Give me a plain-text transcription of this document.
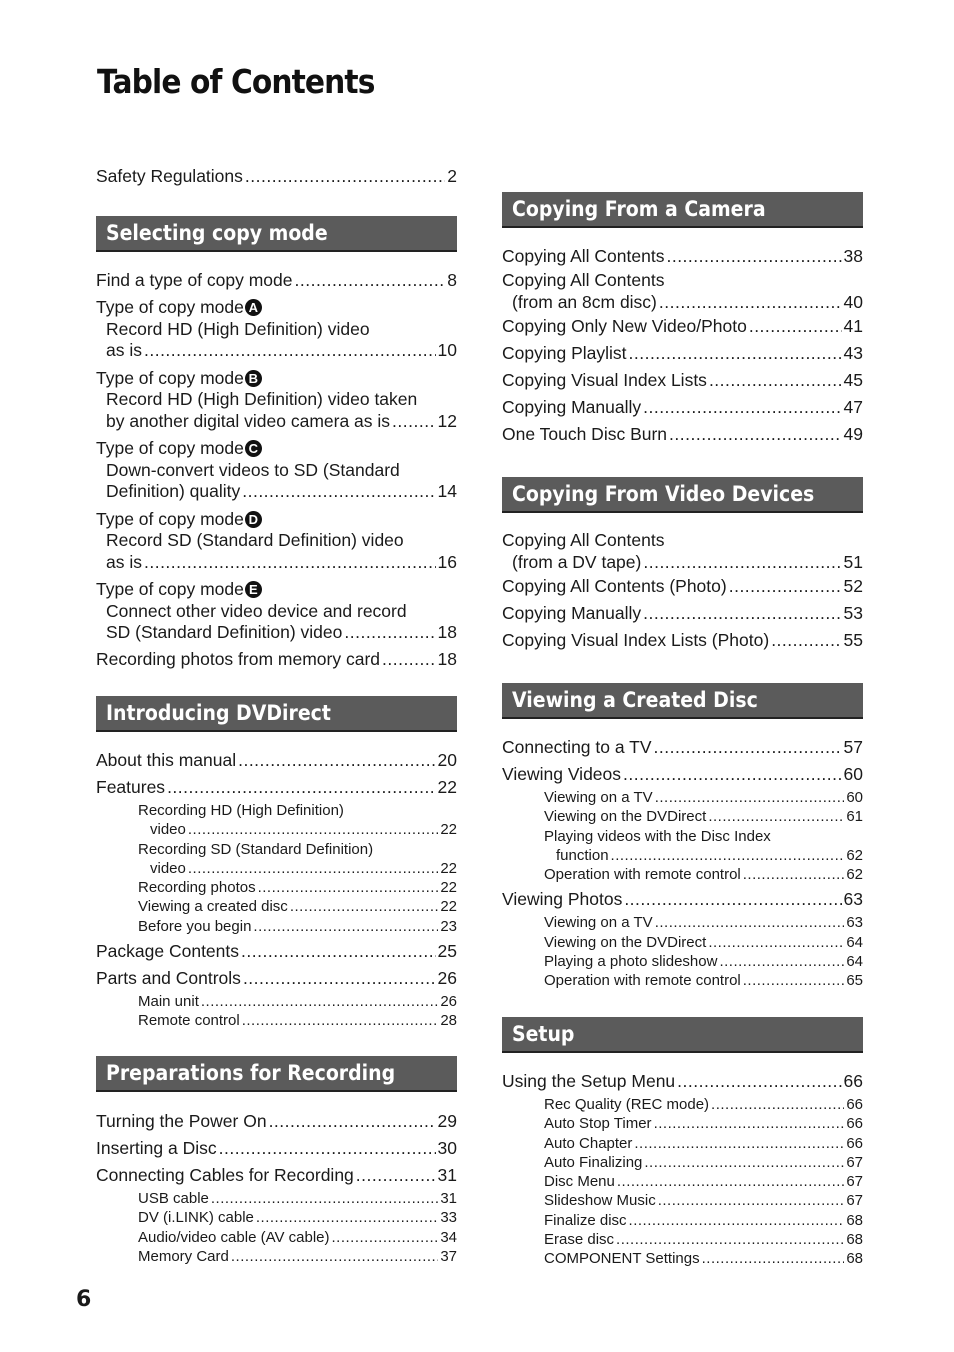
Table of Contents
Safety Regulations .....	2
Selecting copy mode
Find a type of copy mode .....	8
Type of copy mode A
Record HD (High Definition) video
as is .....	10
Type of copy mode B
Record HD (High Definition) video taken
by another digital video camera as is .....	12
Type of copy mode C
Down-convert videos to SD (Standard
Definition) quality .....	14
Type of copy mode D
Record SD (Standard Definition) video
as is .....	16
Type of copy mode E
Connect other video device and record
SD (Standard Definition) video .....	18
Recording photos from memory card .....	18
Introducing DVDirect
About this manual .....	20
Features .....	22
Recording HD (High Definition)
video .....	22
Recording SD (Standard Definition)
video .....	22
Recording photos .....	22
Viewing a created disc .....	22
Before you begin .....	23
Package Contents .....	25
Parts and Controls .....	26
Main unit .....	26
Remote control .....	28
Preparations for Recording
Turning the Power On .....	29
Inserting a Disc .....	30
Connecting Cables for Recording .....	31
USB cable .....	31
DV (i.LINK) cable .....	33
Audio/video cable (AV cable) .....	34
Memory Card .....	37
Copying From a Camera
Copying All Contents .....	38
Copying All Contents
(from an 8cm disc) .....	40
Copying Only New Video/Photo .....	41
Copying Playlist .....	43
Copying Visual Index Lists .....	45
Copying Manually .....	47
One Touch Disc Burn .....	49
Copying From Video Devices
Copying All Contents
(from a DV tape) .....	51
Copying All Contents (Photo) .....	52
Copying Manually .....	53
Copying Visual Index Lists (Photo) .....	55
Viewing a Created Disc
Connecting to a TV .....	57
Viewing Videos .....	60
Viewing on a TV .....	60
Viewing on the DVDirect .....	61
Playing videos with the Disc Index
function .....	62
Operation with remote control .....	62
Viewing Photos .....	63
Viewing on a TV .....	63
Viewing on the DVDirect .....	64
Playing a photo slideshow .....	64
Operation with remote control .....	65
Setup
Using the Setup Menu .....	66
Rec Quality (REC mode) .....	66
Auto Stop Timer .....	66
Auto Chapter .....	66
Auto Finalizing .....	67
Disc Menu .....	67
Slideshow Music .....	67
Finalize disc .....	68
Erase disc .....	68
COMPONENT Settings .....	68
6
